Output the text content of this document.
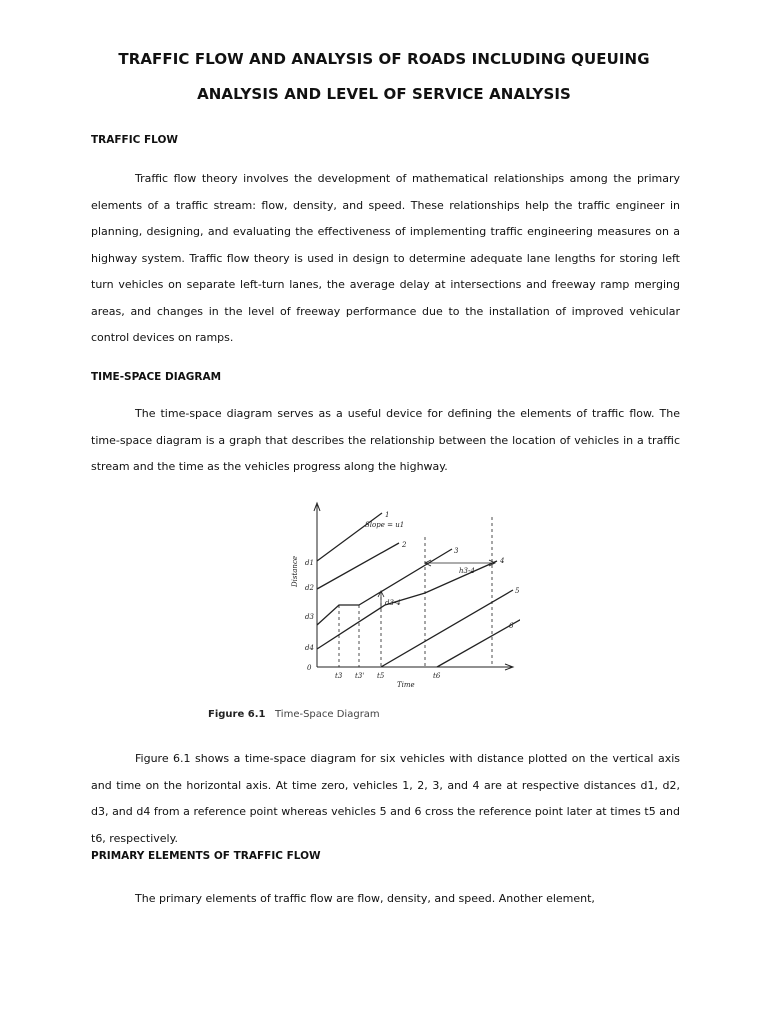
TRAFFIC FLOW AND ANALYSIS OF ROADS INCLUDING QUEUING
ANALYSIS AND LEVEL OF SERVICE ANALYSIS
TRAFFIC FLOW

Traffic flow theory involves the development of mathematical relationships among the primary elements of a traffic stream: flow, density, and speed. These relationships help the traffic engineer in planning, designing, and evaluating the effectiveness of implementing traffic engineering measures on a highway system. Traffic flow theory is used in design to determine adequate lane lengths for storing left turn vehicles on separate left-turn lanes, the average delay at intersections and freeway ramp merging areas, and changes in the level of freeway performance due to the installation of improved vehicular control devices on ramps.

TIME-SPACE DIAGRAM

The time-space diagram serves as a useful device for defining the elements of traffic flow. The time-space diagram is a graph that describes the relationship between the location of vehicles in a traffic stream and the time as the vehicles progress along the highway.

Distance
Time
d1
d2
d3
d4
0
t3 t3' t5	t6
1
2
3
4
5
6
Slope = u1
h3-4
d3-4
Figure 6.1 Time-Space Diagram

Figure 6.1 shows a time-space diagram for six vehicles with distance plotted on the vertical axis and time on the horizontal axis. At time zero, vehicles 1, 2, 3, and 4 are at respective distances d1, d2, d3, and d4 from a reference point whereas vehicles 5 and 6 cross the reference point later at times t5 and t6, respectively.

PRIMARY ELEMENTS OF TRAFFIC FLOW

The primary elements of traffic flow are flow, density, and speed. Another element,
